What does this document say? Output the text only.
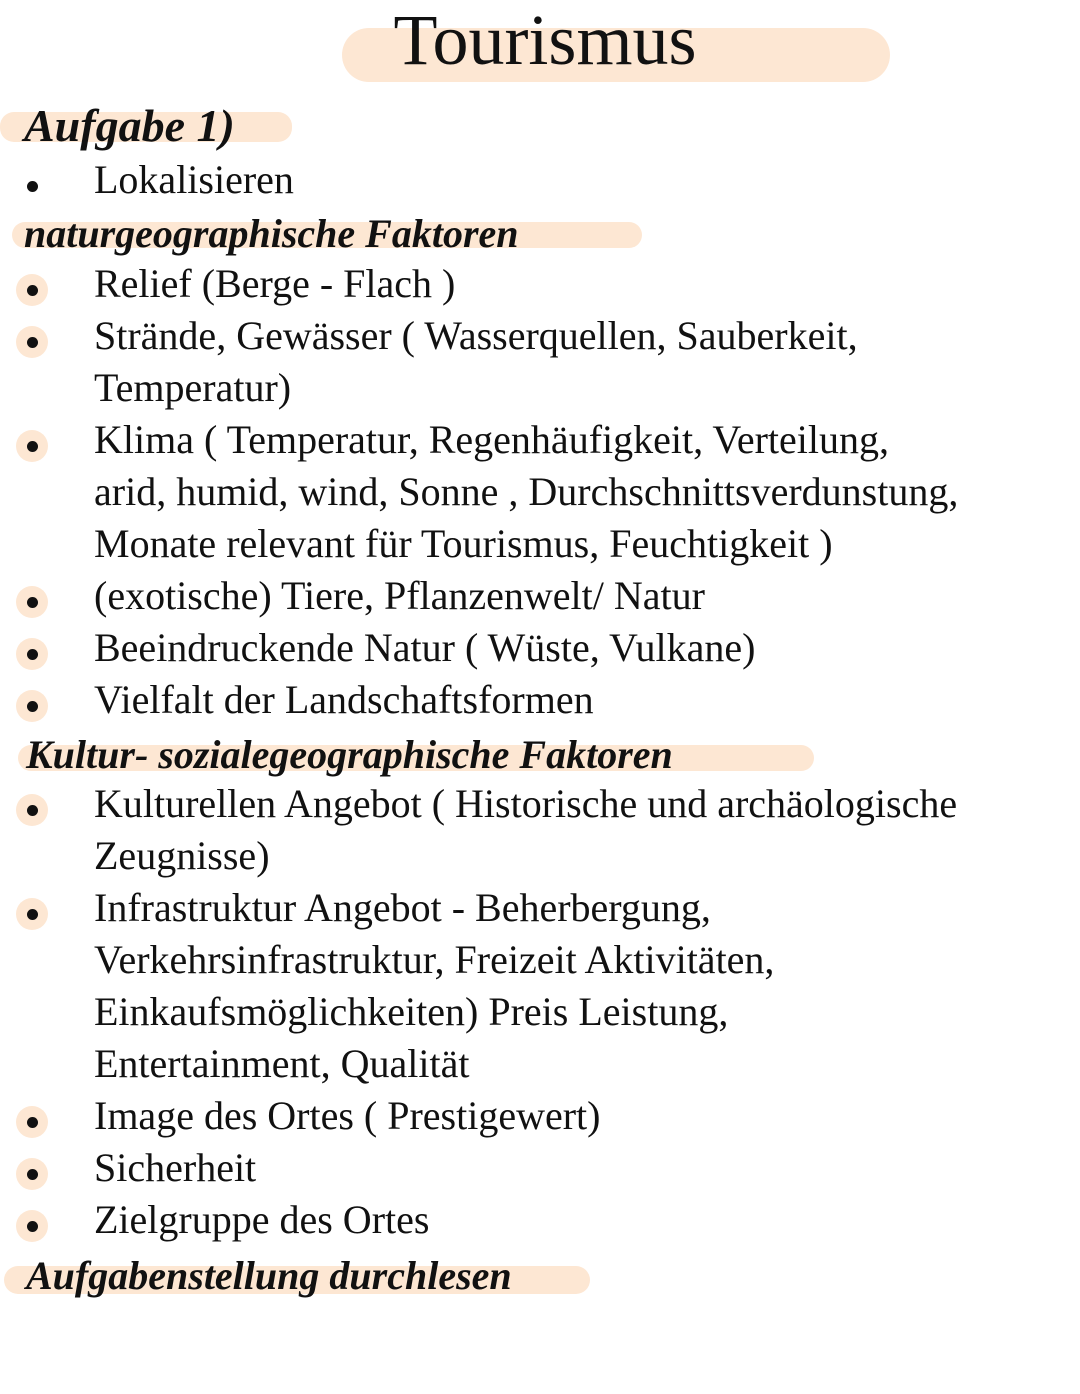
Tourismus
Aufgabe 1)
Lokalisieren
naturgeographische Faktoren
Relief (Berge - Flach )
Strände, Gewässer ( Wasserquellen, Sauberkeit,
Temperatur)
Klima ( Temperatur, Regenhäufigkeit, Verteilung,
arid, humid, wind, Sonne , Durchschnittsverdunstung,
Monate relevant für Tourismus, Feuchtigkeit )
(exotische) Tiere, Pflanzenwelt/ Natur
Beeindruckende Natur ( Wüste, Vulkane)
Vielfalt der Landschaftsformen
Kultur- sozialegeographische Faktoren
Kulturellen Angebot ( Historische und archäologische
Zeugnisse)
Infrastruktur Angebot - Beherbergung,
Verkehrsinfrastruktur, Freizeit Aktivitäten,
Einkaufsmöglichkeiten) Preis Leistung,
Entertainment, Qualität
Image des Ortes ( Prestigewert)
Sicherheit
Zielgruppe des Ortes
Aufgabenstellung durchlesen
